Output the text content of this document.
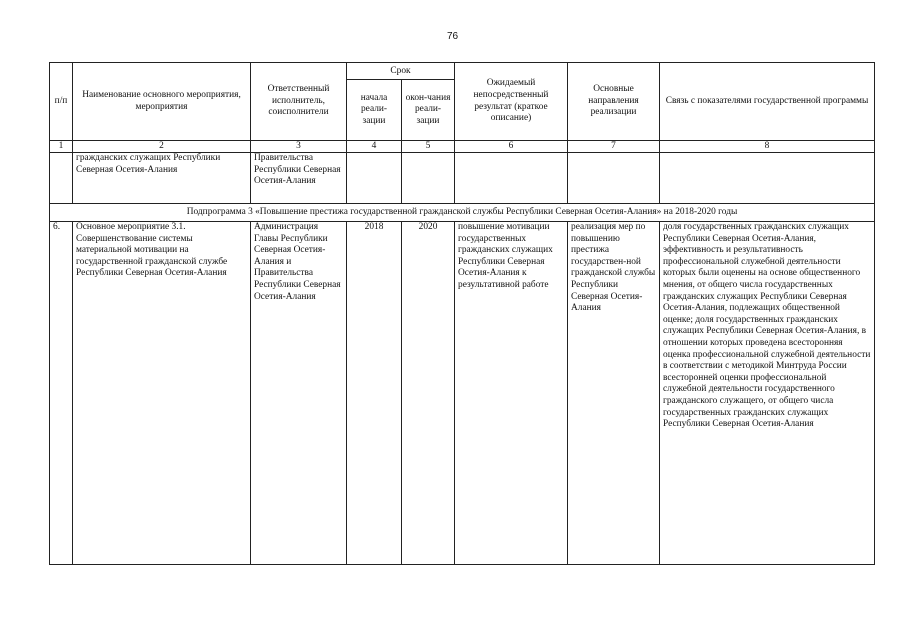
76
п/п	Наименование основного мероприятия, мероприятия	Ответственный исполнитель, соисполнители	Срок		Ожидаемый непосредственный результат (краткое описание)	Основные направления реализации	Связь с показателями государственной программы
			начала реали-зации	окон-чания реали-зации			
1	2	3	4	5	6	7	8
	гражданских служащих Республики Северная Осетия-Алания	Правительства Республики Северная Осетия-Алания					
Подпрограмма 3 «Повышение престижа государственной гражданской службы Республики Северная Осетия-Алания» на 2018-2020 годы							
6.	Основное мероприятие 3.1. Совершенствование системы материальной мотивации на государственной гражданской службе Республики Северная Осетия-Алания	Администрация Главы Республики Северная Осетия-Алания и Правительства Республики Северная Осетия-Алания	2018	2020	повышение мотивации государственных гражданских служащих Республики Северная Осетия-Алания к результативной работе	реализация мер по повышению престижа государствен-ной гражданской службы Республики Северная Осетия-Алания	доля государственных гражданских служащих Республики Северная Осетия-Алания, эффективность и результативность профессиональной служебной деятельности которых были оценены на основе общественного мнения, от общего числа государственных гражданских служащих Республики Северная Осетия-Алания, подлежащих общественной оценке; доля государственных гражданских служащих Республики Северная Осетия-Алания, в отношении которых проведена всесторонняя оценка профессиональной служебной деятельности в соответствии с методикой Минтруда России всесторонней оценки профессиональной служебной деятельности государственного гражданского служащего, от общего числа государственных гражданских служащих Республики Северная Осетия-Алания
